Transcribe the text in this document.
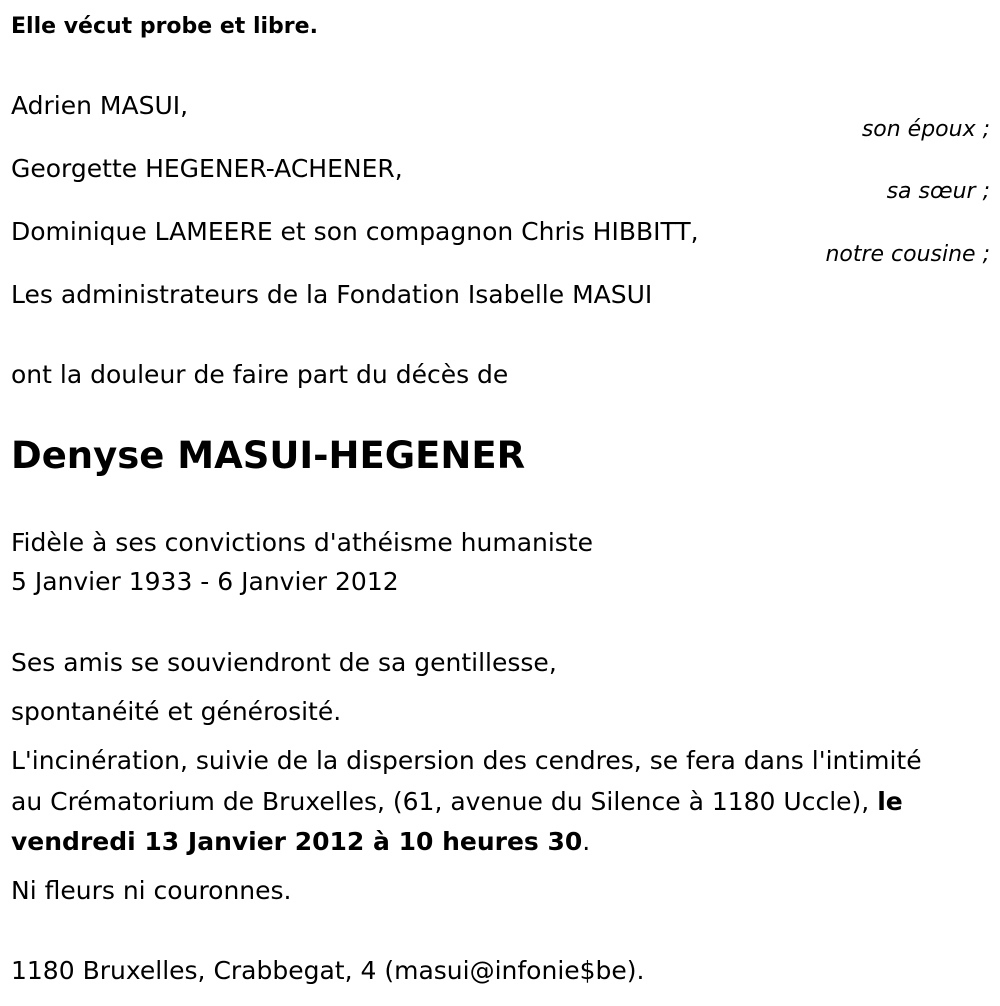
Elle vécut probe et libre.
Adrien MASUI,
son époux ;
Georgette HEGENER-ACHENER,
sa sœur ;
Dominique LAMEERE et son compagnon Chris HIBBITT,
notre cousine ;
Les administrateurs de la Fondation Isabelle MASUI
ont la douleur de faire part du décès de
Denyse MASUI-HEGENER
Fidèle à ses convictions d'athéisme humaniste
5 Janvier 1933 - 6 Janvier 2012
Ses amis se souviendront de sa gentillesse,
spontanéité et générosité.
L'incinération, suivie de la dispersion des cendres, se fera dans l'intimité
au Crématorium de Bruxelles, (61, avenue du Silence à 1180 Uccle), le
vendredi 13 Janvier 2012 à 10 heures 30.
Ni fleurs ni couronnes.
1180 Bruxelles, Crabbegat, 4 (masui@infonie$be).
